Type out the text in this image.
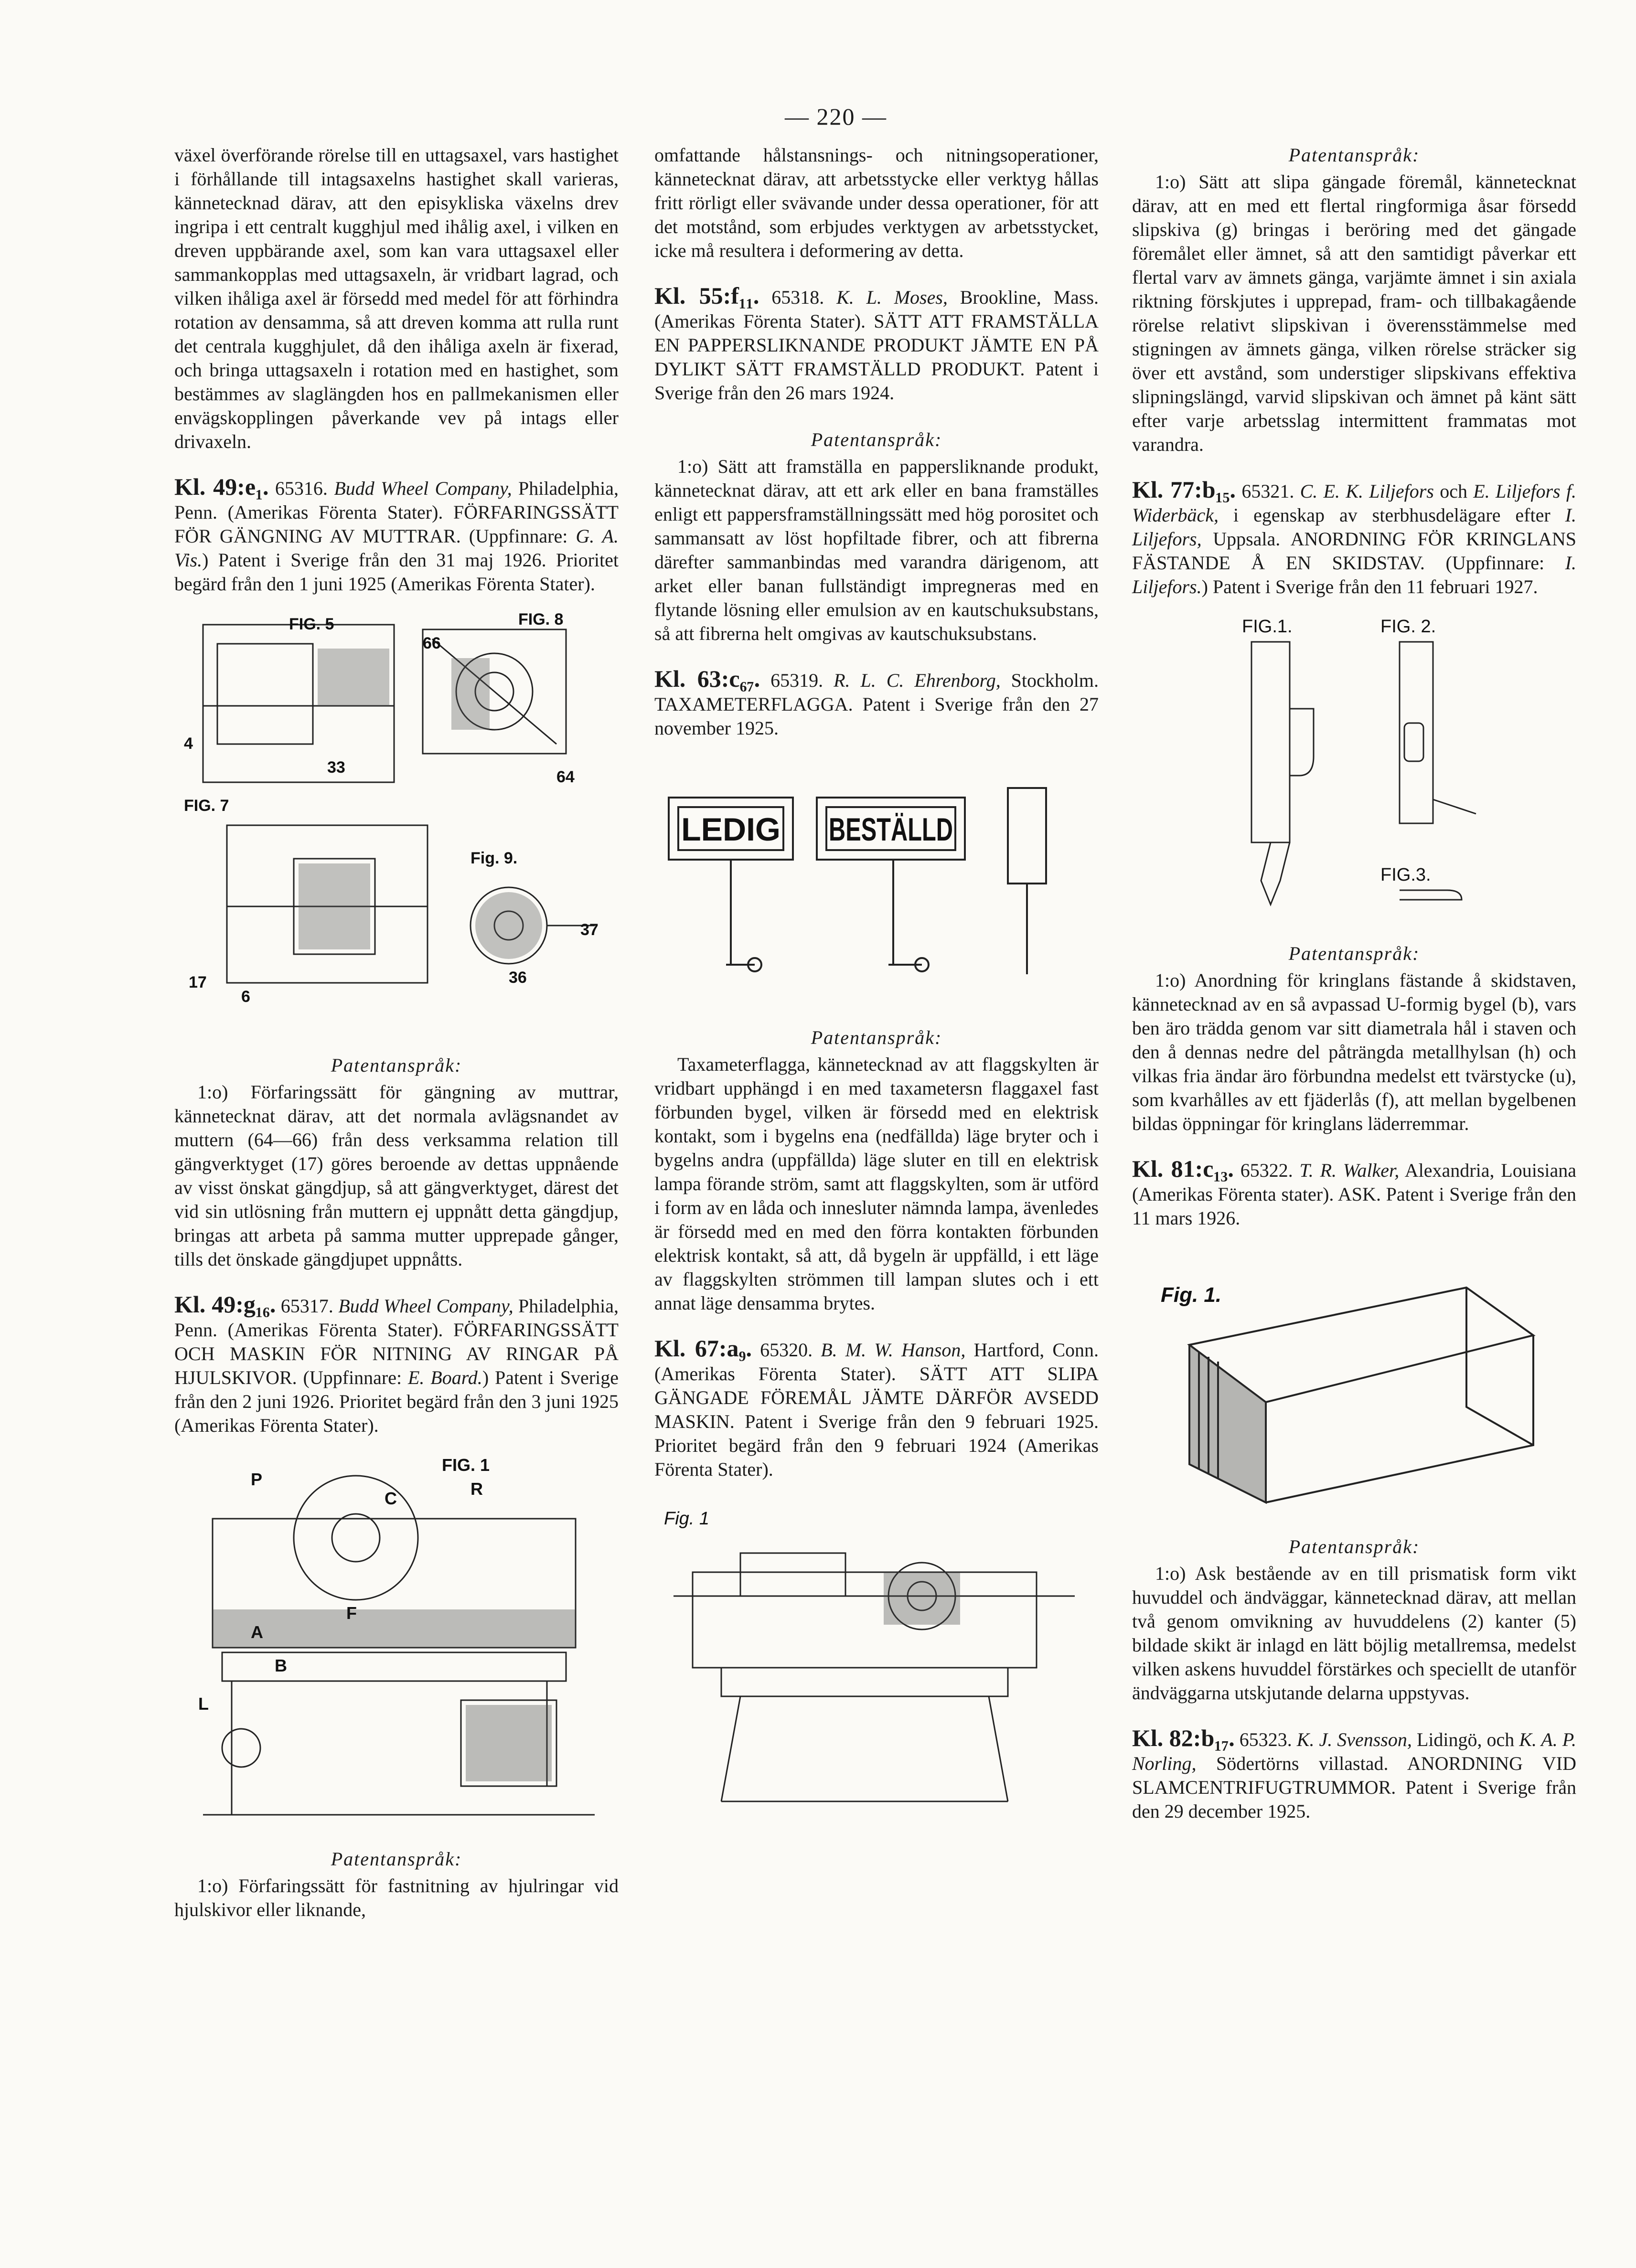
— 220 —

växel överförande rörelse till en uttagsaxel, vars hastighet i förhållande till intagsaxelns hastighet skall varieras, kännetecknad därav, att den episykliska växelns drev ingripa i ett centralt kugghjul med ihålig axel, i vilken en dreven uppbärande axel, som kan vara uttagsaxel eller sammankopplas med uttagsaxeln, är vridbart lagrad, och vilken ihåliga axel är försedd med medel för att förhindra rotation av densamma, så att dreven komma att rulla runt det centrala kugghjulet, då den ihåliga axeln är fixerad, och bringa uttagsaxeln i rotation med en hastighet, som bestämmes av slaglängden hos en pallmekanismen eller envägskopplingen påverkande vev på intags eller drivaxeln.

Kl. 49:e₁. 65316. Budd Wheel Company, Philadelphia, Penn. (Amerikas Förenta Stater). FÖRFARINGSSÄTT FÖR GÄNGNING AV MUTTRAR. (Uppfinnare: G. A. Vis.) Patent i Sverige från den 31 maj 1926. Prioritet begärd från den 1 juni 1925 (Amerikas Förenta Stater).

FIG. 5	FIG. 8
FIG. 7
Fig. 9.
66
64
17
6
4
33
36
37

Patentanspråk:

1:o) Förfaringssätt för gängning av muttrar, kännetecknat därav, att det normala avlägsnandet av muttern (64—66) från dess verksamma relation till gängverktyget (17) göres beroende av dettas uppnående av visst önskat gängdjup, så att gängverktyget, därest det vid sin utlösning från muttern ej uppnått detta gängdjup, bringas att arbeta på samma mutter upprepade gånger, tills det önskade gängdjupet uppnåtts.

Kl. 49:g₁₆. 65317. Budd Wheel Company, Philadelphia, Penn. (Amerikas Förenta Stater). FÖRFARINGSSÄTT OCH MASKIN FÖR NITNING AV RINGAR PÅ HJULSKIVOR. (Uppfinnare: E. Board.) Patent i Sverige från den 2 juni 1926. Prioritet begärd från den 3 juni 1925 (Amerikas Förenta Stater).

FIG. 1
P
C	R
F
L
A
B

Patentanspråk:

1:o) Förfaringssätt för fastnitning av hjulringar vid hjulskivor eller liknande,

omfattande hålstansnings- och nitningsoperationer, kännetecknat därav, att arbetsstycke eller verktyg hållas fritt rörligt eller svävande under dessa operationer, för att det motstånd, som erbjudes verktygen av arbetsstycket, icke må resultera i deformering av detta.

Kl. 55:f₁₁. 65318. K. L. Moses, Brookline, Mass. (Amerikas Förenta Stater). SÄTT ATT FRAMSTÄLLA EN PAPPERSLIKNANDE PRODUKT JÄMTE EN PÅ DYLIKT SÄTT FRAMSTÄLLD PRODUKT. Patent i Sverige från den 26 mars 1924.

Patentanspråk:

1:o) Sätt att framställa en pappersliknande produkt, kännetecknat därav, att ett ark eller en bana framställes enligt ett pappersframställningssätt med hög porositet och sammansatt av löst hopfiltade fibrer, och att fibrerna därefter sammanbindas med varandra därigenom, att arket eller banan fullständigt impregneras med en flytande lösning eller emulsion av en kautschuksubstans, så att fibrerna helt omgivas av kautschuksubstans.

Kl. 63:c₆₇. 65319. R. L. C. Ehrenborg, Stockholm. TAXAMETERFLAGGA. Patent i Sverige från den 27 november 1925.

LEDIG BESTÄLLD

Patentanspråk:

Taxameterflagga, kännetecknad av att flaggskylten är vridbart upphängd i en med taxametersn flaggaxel fast förbunden bygel, vilken är försedd med en elektrisk kontakt, som i bygelns ena (nedfällda) läge bryter och i bygelns andra (uppfällda) läge sluter en till en elektrisk lampa förande ström, samt att flaggskylten, som är utförd i form av en låda och innesluter nämnda lampa, ävenledes är försedd med en med den förra kontakten förbunden elektrisk kontakt, så att, då bygeln är uppfälld, i ett läge av flaggskylten strömmen till lampan slutes och i ett annat läge densamma brytes.

Kl. 67:a₉. 65320. B. M. W. Hanson, Hartford, Conn. (Amerikas Förenta Stater). SÄTT ATT SLIPA GÄNGADE FÖREMÅL JÄMTE DÄRFÖR AVSEDD MASKIN. Patent i Sverige från den 9 februari 1925. Prioritet begärd från den 9 februari 1924 (Amerikas Förenta Stater).

Fig. 1

Patentanspråk:

1:o) Sätt att slipa gängade föremål, kännetecknat därav, att en med ett flertal ringformiga åsar försedd slipskiva (g) bringas i beröring med det gängade föremålet eller ämnet, så att den samtidigt påverkar ett flertal varv av ämnets gänga, varjämte ämnet i sin axiala riktning förskjutes i upprepad, fram- och tillbakagående rörelse relativt slipskivan i överensstämmelse med stigningen av ämnets gänga, vilken rörelse sträcker sig över ett avstånd, som understiger slipskivans effektiva slipningslängd, varvid slipskivan och ämnet på känt sätt efter varje arbetsslag intermittent frammatas mot varandra.

Kl. 77:b₁₅. 65321. C. E. K. Liljefors och E. Liljefors f. Widerbäck, i egenskap av sterbhusdelägare efter I. Liljefors, Uppsala. ANORDNING FÖR KRINGLANS FÄSTANDE Å EN SKIDSTAV. (Uppfinnare: I. Liljefors.) Patent i Sverige från den 11 februari 1927.

FIG.1.	FIG. 2.
FIG.3.

Patentanspråk:

1:o) Anordning för kringlans fästande å skidstaven, kännetecknad av en så avpassad U-formig bygel (b), vars ben äro trädda genom var sitt diametrala hål i staven och den å dennas nedre del påträngda metallhylsan (h) och vilkas fria ändar äro förbundna medelst ett tvärstycke (u), som kvarhålles av ett fjäderlås (f), att mellan bygelbenen bildas öppningar för kringlans läderremmar.

Kl. 81:c₁₃. 65322. T. R. Walker, Alexandria, Louisiana (Amerikas Förenta stater). ASK. Patent i Sverige från den 11 mars 1926.

Fig. 1.

Patentanspråk:

1:o) Ask bestående av en till prismatisk form vikt huvuddel och ändväggar, kännetecknad därav, att mellan två genom omvikning av huvuddelens (2) kanter (5) bildade skikt är inlagd en lätt böjlig metallremsa, medelst vilken askens huvuddel förstärkes och speciellt de utanför ändväggarna utskjutande delarna uppstyvas.

Kl. 82:b₁₇. 65323. K. J. Svensson, Lidingö, och K. A. P. Norling, Södertörns villastad. ANORDNING VID SLAMCENTRIFUGTRUMMOR. Patent i Sverige från den 29 december 1925.
